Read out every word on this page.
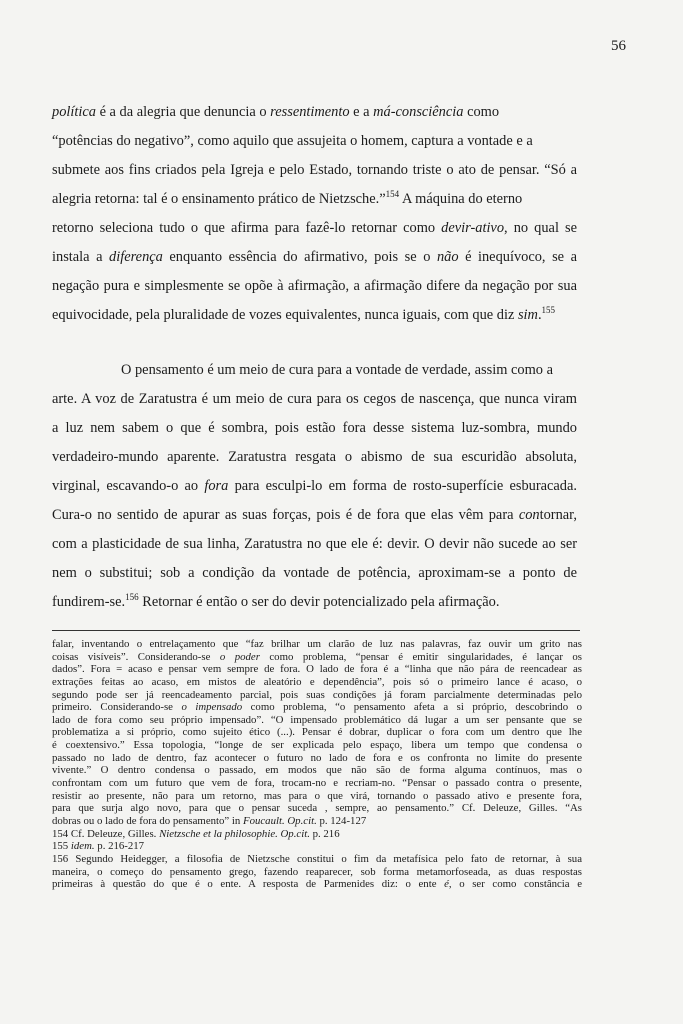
56
política é a da alegria que denuncia o ressentimento e a má-consciência como
“potências do negativo”, como aquilo que assujeita o homem, captura a vontade e a
submete aos fins criados pela Igreja e pelo Estado, tornando triste o ato de pensar. “Só a
alegria retorna: tal é o ensinamento prático de Nietzsche.”$^{154}$ A máquina do eterno
retorno seleciona tudo o que afirma para fazê-lo retornar como devir-ativo, no qual se
instala a diferença enquanto essência do afirmativo, pois se o não é inequívoco, se a
negação pura e simplesmente se opõe à afirmação, a afirmação difere da negação por sua
equivocidade, pela pluralidade de vozes equivalentes, nunca iguais, com que diz sim.$^{155}$
O pensamento é um meio de cura para a vontade de verdade, assim como a
arte. A voz de Zaratustra é um meio de cura para os cegos de nascença, que nunca viram
a luz nem sabem o que é sombra, pois estão fora desse sistema luz-sombra, mundo
verdadeiro-mundo aparente. Zaratustra resgata o abismo de sua escuridão absoluta,
virginal, escavando-o ao fora para esculpi-lo em forma de rosto-superfície esburacada.
Cura-o no sentido de apurar as suas forças, pois é de fora que elas vêm para contornar,
com a plasticidade de sua linha, Zaratustra no que ele é: devir. O devir não sucede ao ser
nem o substitui; sob a condição da vontade de potência, aproximam-se a ponto de
fundirem-se.$^{156}$ Retornar é então o ser do devir potencializado pela afirmação.
falar, inventando o entrelaçamento que “faz brilhar um clarão de luz nas palavras, faz ouvir um grito nas
coisas visíveis”. Considerando-se o poder como problema, “pensar é emitir singularidades, é lançar os
dados”. Fora = acaso e pensar vem sempre de fora. O lado de fora é a “linha que não pára de reencadear as
extrações feitas ao acaso, em mistos de aleatório e dependência”, pois só o primeiro lance é acaso, o
segundo pode ser já reencadeamento parcial, pois suas condições já foram parcialmente determinadas pelo
primeiro. Considerando-se o impensado como problema, “o pensamento afeta a si próprio, descobrindo o
lado de fora como seu próprio impensado”. “O impensado problemático dá lugar a um ser pensante que se
problematiza a si próprio, como sujeito ético (...). Pensar é dobrar, duplicar o fora com um dentro que lhe
é coextensivo.” Essa topologia, “longe de ser explicada pelo espaço, libera um tempo que condensa o
passado no lado de dentro, faz acontecer o futuro no lado de fora e os confronta no limite do presente
vivente.” O dentro condensa o passado, em modos que não são de forma alguma contínuos, mas o
confrontam com um futuro que vem de fora, trocam-no e recriam-no. “Pensar o passado contra o presente,
resistir ao presente, não para um retorno, mas para o que virá, tornando o passado ativo e presente fora,
para que surja algo novo, para que o pensar suceda , sempre, ao pensamento.” Cf. Deleuze, Gilles. “As
dobras ou o lado de fora do pensamento” in Foucault. Op.cit. p. 124-127
154 Cf. Deleuze, Gilles. Nietzsche et la philosophie. Op.cit. p. 216
155 idem. p. 216-217
156 Segundo Heidegger, a filosofia de Nietzsche constitui o fim da metafísica pelo fato de retornar, à sua
maneira, o começo do pensamento grego, fazendo reaparecer, sob forma metamorfoseada, as duas respostas
primeiras à questão do que é o ente. A resposta de Parmenides diz: o ente é, o ser como constância e
